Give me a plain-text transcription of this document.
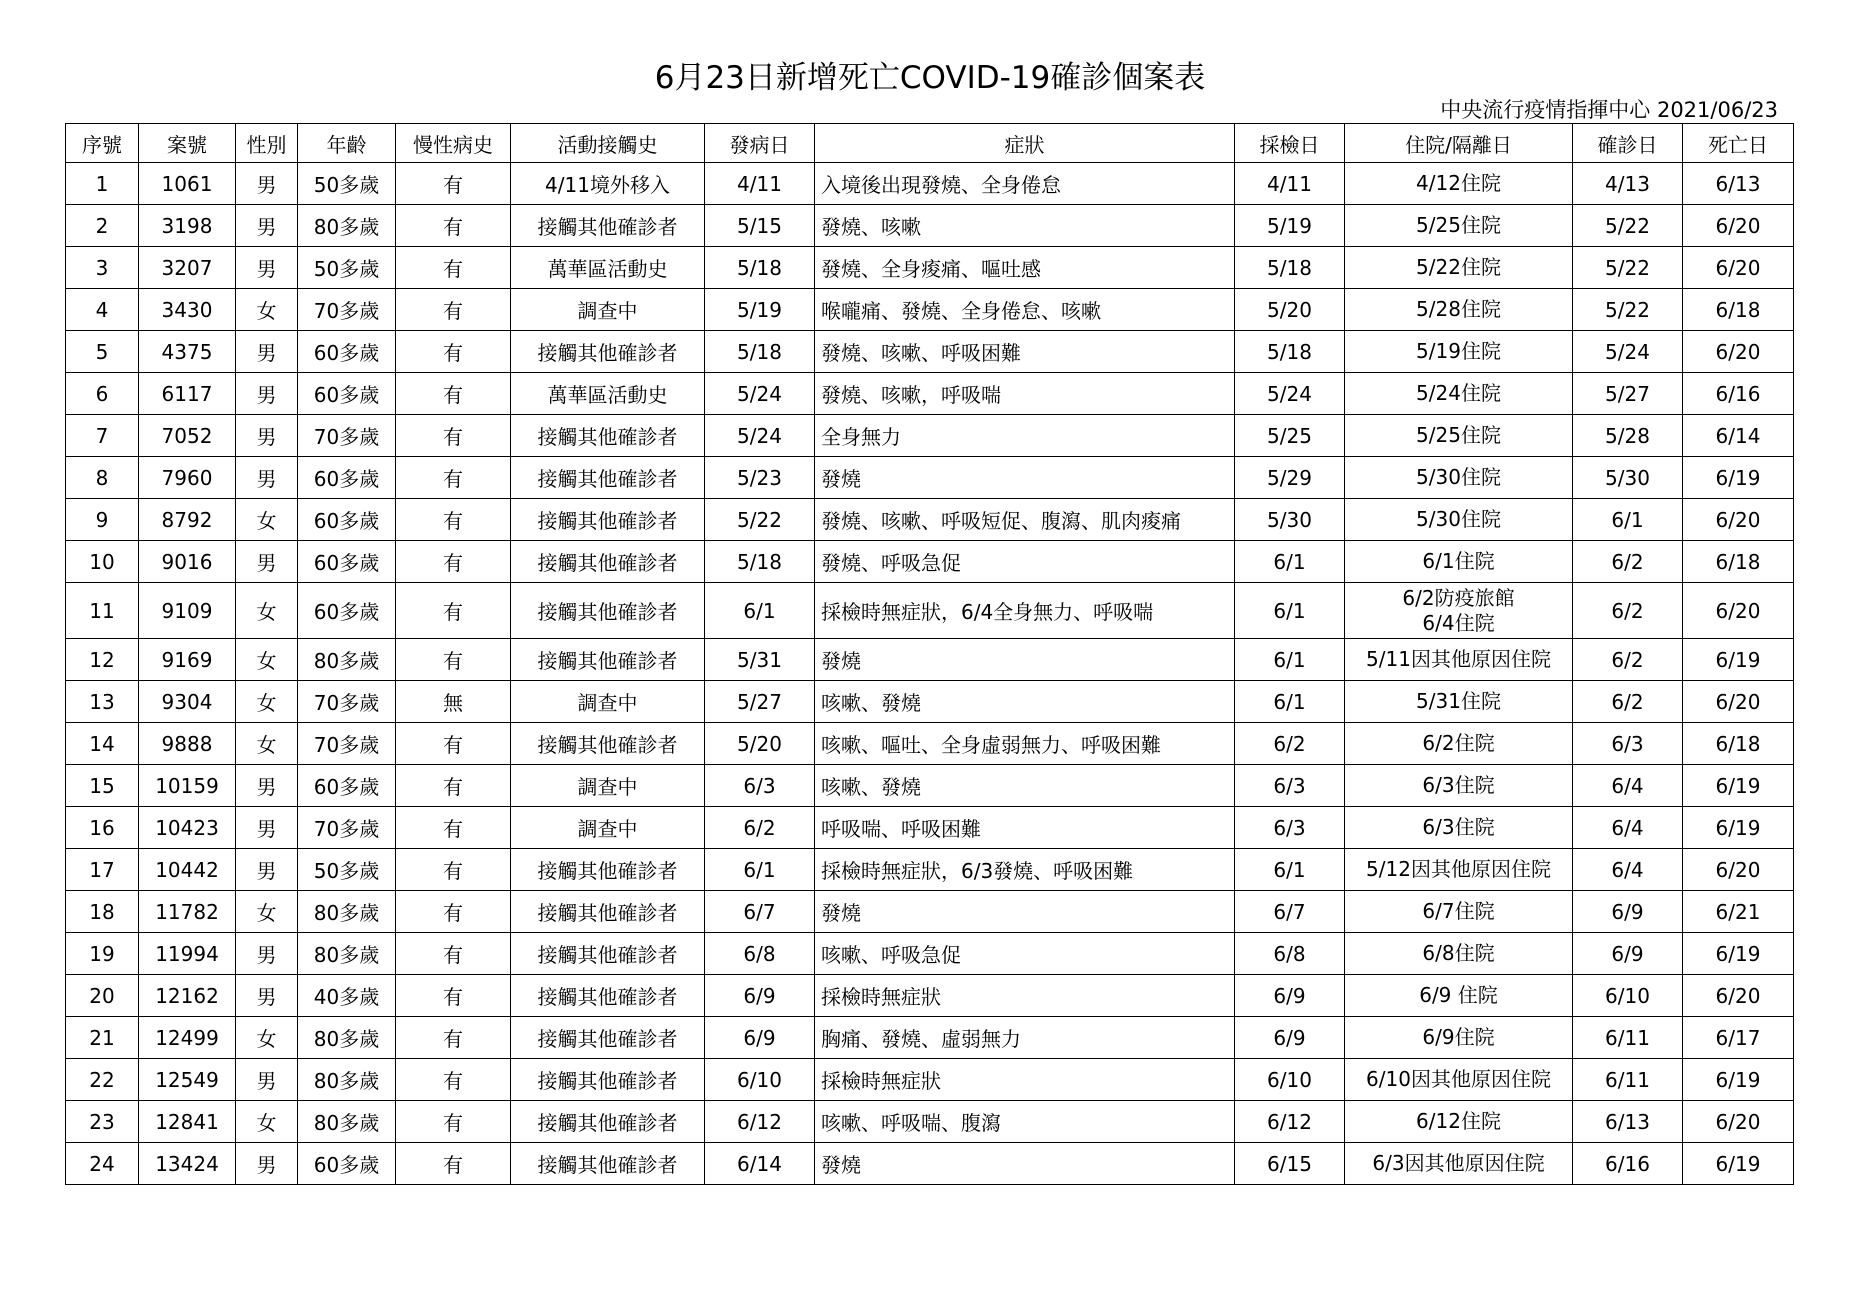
6月23日新增死亡COVID-19確診個案表
中央流行疫情指揮中心 2021/06/23
序號	案號	性別	年齡	慢性病史	活動接觸史	發病日	症狀	採檢日	住院/隔離日	確診日	死亡日
1	1061	男	50多歲	有	4/11境外移入	4/11	入境後出現發燒、全身倦怠	4/11	4/12住院	4/13	6/13
2	3198	男	80多歲	有	接觸其他確診者	5/15	發燒、咳嗽	5/19	5/25住院	5/22	6/20
3	3207	男	50多歲	有	萬華區活動史	5/18	發燒、全身痠痛、嘔吐感	5/18	5/22住院	5/22	6/20
4	3430	女	70多歲	有	調查中	5/19	喉嚨痛、發燒、全身倦怠、咳嗽	5/20	5/28住院	5/22	6/18
5	4375	男	60多歲	有	接觸其他確診者	5/18	發燒、咳嗽、呼吸困難	5/18	5/19住院	5/24	6/20
6	6117	男	60多歲	有	萬華區活動史	5/24	發燒、咳嗽，呼吸喘	5/24	5/24住院	5/27	6/16
7	7052	男	70多歲	有	接觸其他確診者	5/24	全身無力	5/25	5/25住院	5/28	6/14
8	7960	男	60多歲	有	接觸其他確診者	5/23	發燒	5/29	5/30住院	5/30	6/19
9	8792	女	60多歲	有	接觸其他確診者	5/22	發燒、咳嗽、呼吸短促、腹瀉、肌肉痠痛	5/30	5/30住院	6/1	6/20
10	9016	男	60多歲	有	接觸其他確診者	5/18	發燒、呼吸急促	6/1	6/1住院	6/2	6/18
11	9109	女	60多歲	有	接觸其他確診者	6/1	採檢時無症狀，6/4全身無力、呼吸喘	6/1	6/2防疫旅館
6/4住院	6/2	6/20
12	9169	女	80多歲	有	接觸其他確診者	5/31	發燒	6/1	5/11因其他原因住院	6/2	6/19
13	9304	女	70多歲	無	調查中	5/27	咳嗽、發燒	6/1	5/31住院	6/2	6/20
14	9888	女	70多歲	有	接觸其他確診者	5/20	咳嗽、嘔吐、全身虛弱無力、呼吸困難	6/2	6/2住院	6/3	6/18
15	10159	男	60多歲	有	調查中	6/3	咳嗽、發燒	6/3	6/3住院	6/4	6/19
16	10423	男	70多歲	有	調查中	6/2	呼吸喘、呼吸困難	6/3	6/3住院	6/4	6/19
17	10442	男	50多歲	有	接觸其他確診者	6/1	採檢時無症狀，6/3發燒、呼吸困難	6/1	5/12因其他原因住院	6/4	6/20
18	11782	女	80多歲	有	接觸其他確診者	6/7	發燒	6/7	6/7住院	6/9	6/21
19	11994	男	80多歲	有	接觸其他確診者	6/8	咳嗽、呼吸急促	6/8	6/8住院	6/9	6/19
20	12162	男	40多歲	有	接觸其他確診者	6/9	採檢時無症狀	6/9	6/9 住院	6/10	6/20
21	12499	女	80多歲	有	接觸其他確診者	6/9	胸痛、發燒、虛弱無力	6/9	6/9住院	6/11	6/17
22	12549	男	80多歲	有	接觸其他確診者	6/10	採檢時無症狀	6/10	6/10因其他原因住院	6/11	6/19
23	12841	女	80多歲	有	接觸其他確診者	6/12	咳嗽、呼吸喘、腹瀉	6/12	6/12住院	6/13	6/20
24	13424	男	60多歲	有	接觸其他確診者	6/14	發燒	6/15	6/3因其他原因住院	6/16	6/19
